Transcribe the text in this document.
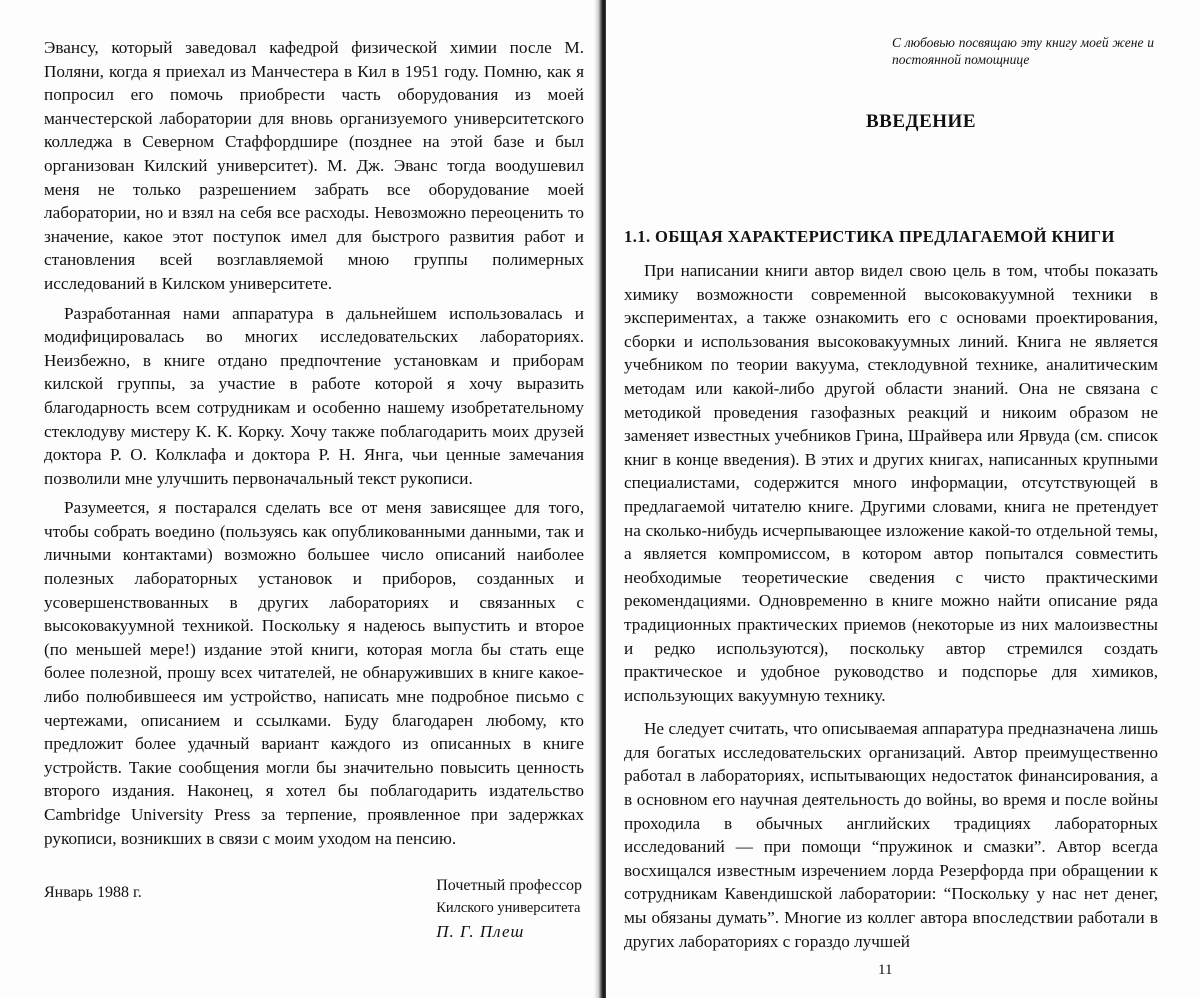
Эвансу, который заведовал кафедрой физической химии после М. Поляни, когда я приехал из Манчестера в Кил в 1951 году. Помню, как я попросил его помочь приобрести часть оборудования из моей манчестерской лаборатории для вновь организуемого университетского колледжа в Северном Стаффордшире (позднее на этой базе и был организован Килский университет). М. Дж. Эванс тогда воодушевил меня не только разрешением забрать все оборудование моей лаборатории, но и взял на себя все расходы. Невозможно переоценить то значение, какое этот поступок имел для быстрого развития работ и становления всей возглавляемой мною группы полимерных исследований в Килском университете.

Разработанная нами аппаратура в дальнейшем использовалась и модифицировалась во многих исследовательских лабораториях. Неизбежно, в книге отдано предпочтение установкам и приборам килской группы, за участие в работе которой я хочу выразить благодарность всем сотрудникам и особенно нашему изобретательному стеклодуву мистеру К. К. Корку. Хочу также поблагодарить моих друзей доктора Р. О. Колклафа и доктора Р. Н. Янга, чьи ценные замечания позволили мне улучшить первоначальный текст рукописи.

Разумеется, я постарался сделать все от меня зависящее для того, чтобы собрать воедино (пользуясь как опубликованными данными, так и личными контактами) возможно большее число описаний наиболее полезных лабораторных установок и приборов, созданных и усовершенствованных в других лабораториях и связанных с высоковакуумной техникой. Поскольку я надеюсь выпустить и второе (по меньшей мере!) издание этой книги, которая могла бы стать еще более полезной, прошу всех читателей, не обнаруживших в книге какое-либо полюбившееся им устройство, написать мне подробное письмо с чертежами, описанием и ссылками. Буду благодарен любому, кто предложит более удачный вариант каждого из описанных в книге устройств. Такие сообщения могли бы значительно повысить ценность второго издания. Наконец, я хотел бы поблагодарить издательство Cambridge University Press за терпение, проявленное при задержках рукописи, возникших в связи с моим уходом на пенсию.

Январь 1988 г.	Почетный профессор
Килского университета
П. Г. Плеш
С любовью посвящаю эту книгу моей жене и постоянной помощнице
ВВЕДЕНИЕ
1.1. ОБЩАЯ ХАРАКТЕРИСТИКА ПРЕДЛАГАЕМОЙ КНИГИ

При написании книги автор видел свою цель в том, чтобы показать химику возможности современной высоковакуумной техники в экспериментах, а также ознакомить его с основами проектирования, сборки и использования высоковакуумных линий. Книга не является учебником по теории вакуума, стеклодувной технике, аналитическим методам или какой-либо другой области знаний. Она не связана с методикой проведения газофазных реакций и никоим образом не заменяет известных учебников Грина, Шрайвера или Ярвуда (см. список книг в конце введения). В этих и других книгах, написанных крупными специалистами, содержится много информации, отсутствующей в предлагаемой читателю книге. Другими словами, книга не претендует на сколько-нибудь исчерпывающее изложение какой-то отдельной темы, а является компромиссом, в котором автор попытался совместить необходимые теоретические сведения с чисто практическими рекомендациями. Одновременно в книге можно найти описание ряда традиционных практических приемов (некоторые из них малоизвестны и редко используются), поскольку автор стремился создать практическое и удобное руководство и подспорье для химиков, использующих вакуумную технику.

Не следует считать, что описываемая аппаратура предназначена лишь для богатых исследовательских организаций. Автор преимущественно работал в лабораториях, испытывающих недостаток финансирования, а в основном его научная деятельность до войны, во время и после войны проходила в обычных английских традициях лабораторных исследований — при помощи “пружинок и смазки”. Автор всегда восхищался известным изречением лорда Резерфорда при обращении к сотрудникам Кавендишской лаборатории: “Поскольку у нас нет денег, мы обязаны думать”. Многие из коллег автора впоследствии работали в других лабораториях с гораздо лучшей

11
